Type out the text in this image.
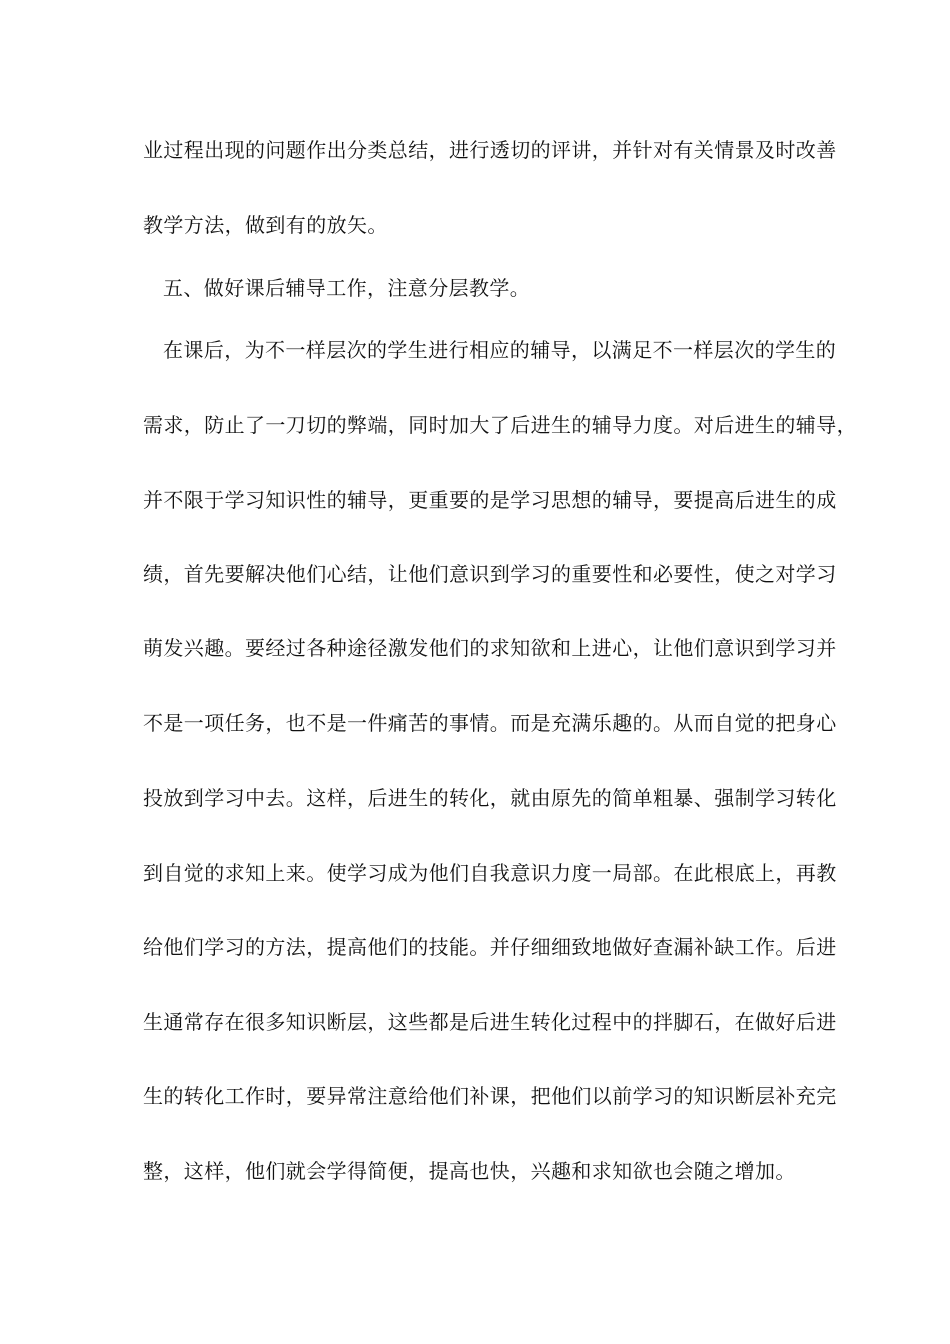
业过程出现的问题作出分类总结，进行透切的评讲，并针对有关情景及时改善
教学方法，做到有的放矢。
五、做好课后辅导工作，注意分层教学。
在课后，为不一样层次的学生进行相应的辅导，以满足不一样层次的学生的
需求，防止了一刀切的弊端，同时加大了后进生的辅导力度。对后进生的辅导，
并不限于学习知识性的辅导，更重要的是学习思想的辅导，要提高后进生的成
绩，首先要解决他们心结，让他们意识到学习的重要性和必要性，使之对学习
萌发兴趣。要经过各种途径激发他们的求知欲和上进心，让他们意识到学习并
不是一项任务，也不是一件痛苦的事情。而是充满乐趣的。从而自觉的把身心
投放到学习中去。这样，后进生的转化，就由原先的简单粗暴、强制学习转化
到自觉的求知上来。使学习成为他们自我意识力度一局部。在此根底上，再教
给他们学习的方法，提高他们的技能。并仔细细致地做好查漏补缺工作。后进
生通常存在很多知识断层，这些都是后进生转化过程中的拌脚石，在做好后进
生的转化工作时，要异常注意给他们补课，把他们以前学习的知识断层补充完
整，这样，他们就会学得简便，提高也快，兴趣和求知欲也会随之增加。
